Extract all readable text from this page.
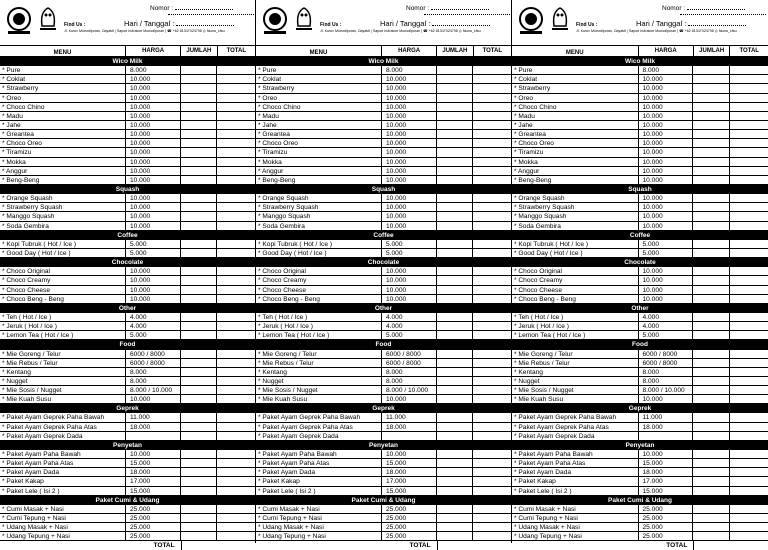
Find Us :
Jl. Kuruv Monodipuran, Dayakti | Sapoe Indrakoe Monodipuran | ☎ +62 81347324798 ◎ Nuow_ctsu
Nomor :
Hari / Tanggal :
MENU	HARGA	JUMLAH	TOTAL
Wico Milk
* Pure	8.000
* Coklat	10.000
* Strawberry	10.000
* Oreo	10.000
* Choco Chino	10.000
* Madu	10.000
* Jahe	10.000
* Greantea	10.000
* Choco Oreo	10.000
* Tiramizu	10.000
* Mokka	10.000
* Anggur	10.000
* Beng-Beng	10.000
Squash
* Orange Squash	10.000
* Strawberry Squash	10.000
* Manggo Squash	10.000
* Soda Gembira	10.000
Coffee
* Kopi Tubruk ( Hot / Ice )	5.000
* Good Day ( Hot / Ice )	5.000
Chocolate
* Choco Original	10.000
* Choco Creamy	10.000
* Choco Cheese	10.000
* Choco Beng - Beng	10.000
Other
* Teh ( Hot / Ice )	4.000
* Jeruk ( Hot / Ice )	4.000
* Lemon Tea ( Hot / Ice )	5.000
Food
* Mie Goreng / Telur	6000 / 8000
* Mie Rebus / Telur	6000 / 8000
* Kentang	8.000
* Nugget	8.000
* Mie Sosis / Nugget	8.000 / 10.000
* Mie Kuah Susu	10.000
Geprek
* Paket Ayam Geprek Paha Bawah	11.000
* Paket Ayam Geprek Paha Atas	18.000
* Paket Ayam Geprek Dada
Penyetan
* Paket Ayam Paha Bawah	10.000
* Paket Ayam Paha Atas	15.000
* Paket Ayam Dada	18.000
* Paket Kakap	17.000
* Paket Lele ( Isi 2 )	15.000
Paket Cumi & Udang
* Cumi Masak + Nasi	25.000
* Cumi Tepung + Nasi	25.000
* Udang Masak + Nasi	25.000
* Udang Tepung + Nasi	25.000
TOTAL
Find Us :
Jl. Kuruv Monodipuran, Dayakti | Sapoe Indrakoe Monodipuran | ☎ +62 81347324798 ◎ Nuow_ctsu
Nomor :
Hari / Tanggal :
MENU	HARGA	JUMLAH	TOTAL
Wico Milk
* Pure	8.000
* Coklat	10.000
* Strawberry	10.000
* Oreo	10.000
* Choco Chino	10.000
* Madu	10.000
* Jahe	10.000
* Greantea	10.000
* Choco Oreo	10.000
* Tiramizu	10.000
* Mokka	10.000
* Anggur	10.000
* Beng-Beng	10.000
Squash
* Orange Squash	10.000
* Strawberry Squash	10.000
* Manggo Squash	10.000
* Soda Gembira	10.000
Coffee
* Kopi Tubruk ( Hot / Ice )	5.000
* Good Day ( Hot / Ice )	5.000
Chocolate
* Choco Original	10.000
* Choco Creamy	10.000
* Choco Cheese	10.000
* Choco Beng - Beng	10.000
Other
* Teh ( Hot / Ice )	4.000
* Jeruk ( Hot / Ice )	4.000
* Lemon Tea ( Hot / Ice )	5.000
Food
* Mie Goreng / Telur	6000 / 8000
* Mie Rebus / Telur	6000 / 8000
* Kentang	8.000
* Nugget	8.000
* Mie Sosis / Nugget	8.000 / 10.000
* Mie Kuah Susu	10.000
Geprek
* Paket Ayam Geprek Paha Bawah	11.000
* Paket Ayam Geprek Paha Atas	18.000
* Paket Ayam Geprek Dada
Penyetan
* Paket Ayam Paha Bawah	10.000
* Paket Ayam Paha Atas	15.000
* Paket Ayam Dada	18.000
* Paket Kakap	17.000
* Paket Lele ( Isi 2 )	15.000
Paket Cumi & Udang
* Cumi Masak + Nasi	25.000
* Cumi Tepung + Nasi	25.000
* Udang Masak + Nasi	25.000
* Udang Tepung + Nasi	25.000
TOTAL
Find Us :
Jl. Kuruv Monodipuran, Dayakti | Sapoe Indrakoe Monodipuran | ☎ +62 81347324798 ◎ Nuow_ctsu
Nomor :
Hari / Tanggal :
MENU	HARGA	JUMLAH	TOTAL
Wico Milk
* Pure	8.000
* Coklat	10.000
* Strawberry	10.000
* Oreo	10.000
* Choco Chino	10.000
* Madu	10.000
* Jahe	10.000
* Greantea	10.000
* Choco Oreo	10.000
* Tiramizu	10.000
* Mokka	10.000
* Anggur	10.000
* Beng-Beng	10.000
Squash
* Orange Squash	10.000
* Strawberry Squash	10.000
* Manggo Squash	10.000
* Soda Gembira	10.000
Coffee
* Kopi Tubruk ( Hot / Ice )	5.000
* Good Day ( Hot / Ice )	5.000
Chocolate
* Choco Original	10.000
* Choco Creamy	10.000
* Choco Cheese	10.000
* Choco Beng - Beng	10.000
Other
* Teh ( Hot / Ice )	4.000
* Jeruk ( Hot / Ice )	4.000
* Lemon Tea ( Hot / Ice )	5.000
Food
* Mie Goreng / Telur	6000 / 8000
* Mie Rebus / Telur	6000 / 8000
* Kentang	8.000
* Nugget	8.000
* Mie Sosis / Nugget	8.000 / 10.000
* Mie Kuah Susu	10.000
Geprek
* Paket Ayam Geprek Paha Bawah	11.000
* Paket Ayam Geprek Paha Atas	18.000
* Paket Ayam Geprek Dada
Penyetan
* Paket Ayam Paha Bawah	10.000
* Paket Ayam Paha Atas	15.000
* Paket Ayam Dada	18.000
* Paket Kakap	17.000
* Paket Lele ( Isi 2 )	15.000
Paket Cumi & Udang
* Cumi Masak + Nasi	25.000
* Cumi Tepung + Nasi	25.000
* Udang Masak + Nasi	25.000
* Udang Tepung + Nasi	25.000
TOTAL
